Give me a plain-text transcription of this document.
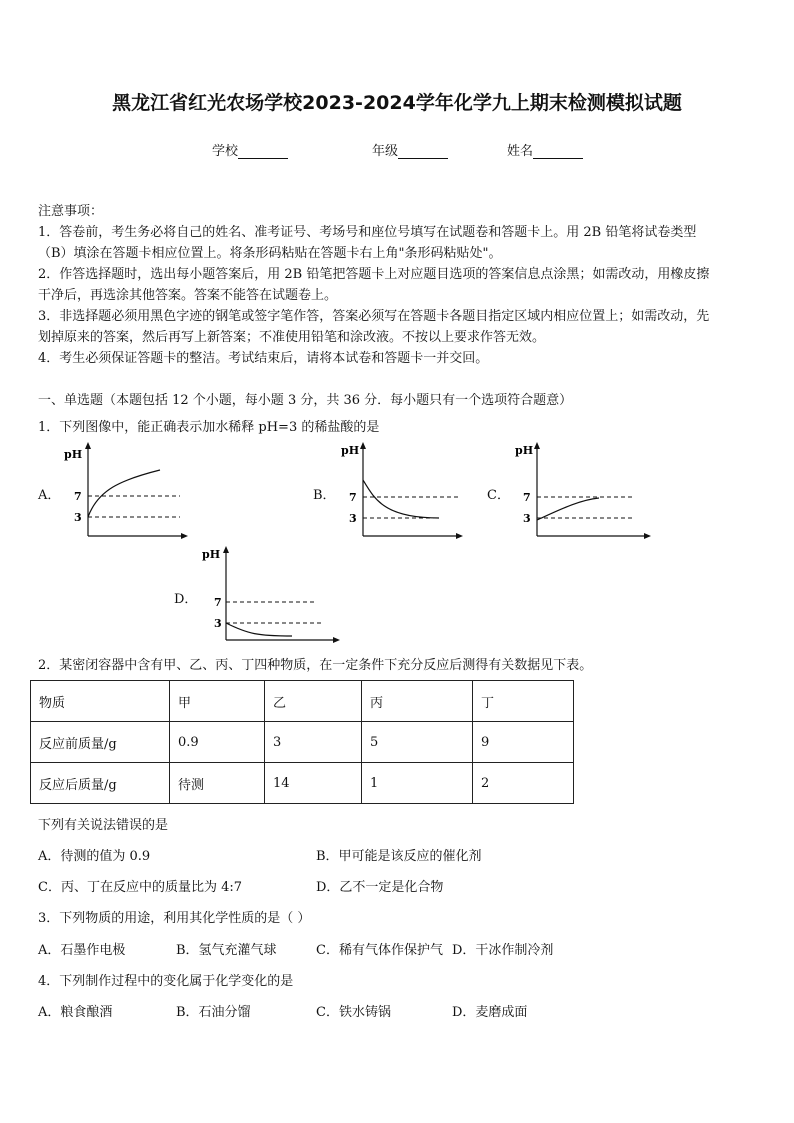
黑龙江省红光农场学校2023-2024学年化学九上期末检测模拟试题
学校	年级	姓名
注意事项：
1．答卷前，考生务必将自己的姓名、准考证号、考场号和座位号填写在试题卷和答题卡上。用 2B 铅笔将试卷类型
（B）填涂在答题卡相应位置上。将条形码粘贴在答题卡右上角"条形码粘贴处"。
2．作答选择题时，选出每小题答案后，用 2B 铅笔把答题卡上对应题目选项的答案信息点涂黑；如需改动，用橡皮擦
干净后，再选涂其他答案。答案不能答在试题卷上。
3．非选择题必须用黑色字迹的钢笔或签字笔作答，答案必须写在答题卡各题目指定区域内相应位置上；如需改动，先
划掉原来的答案，然后再写上新答案；不准使用铅笔和涂改液。不按以上要求作答无效。
4．考生必须保证答题卡的整洁。考试结束后，请将本试卷和答题卡一并交回。
一、单选题（本题包括 12 个小题，每小题 3 分，共 36 分．每小题只有一个选项符合题意）
1．下列图像中，能正确表示加水稀释 pH=3 的稀盐酸的是
A．
pH
7
3
B．
pH
7
3
C．
pH
7
3
D．
pH
7
3
2．某密闭容器中含有甲、乙、丙、丁四种物质，在一定条件下充分反应后测得有关数据见下表。
物质	甲	乙	丙	丁
反应前质量/g	0.9	3	5	9
反应后质量/g	待测	14	1	2
下列有关说法错误的是
A．待测的值为 0.9	B．甲可能是该反应的催化剂
C．丙、丁在反应中的质量比为 4:7	D．乙不一定是化合物
3．下列物质的用途，利用其化学性质的是（ ）
A．石墨作电极	B．氢气充灌气球	C．稀有气体作保护气 D．干冰作制冷剂
4．下列制作过程中的变化属于化学变化的是
A．粮食酿酒	B．石油分馏	C．铁水铸锅	D．麦磨成面
